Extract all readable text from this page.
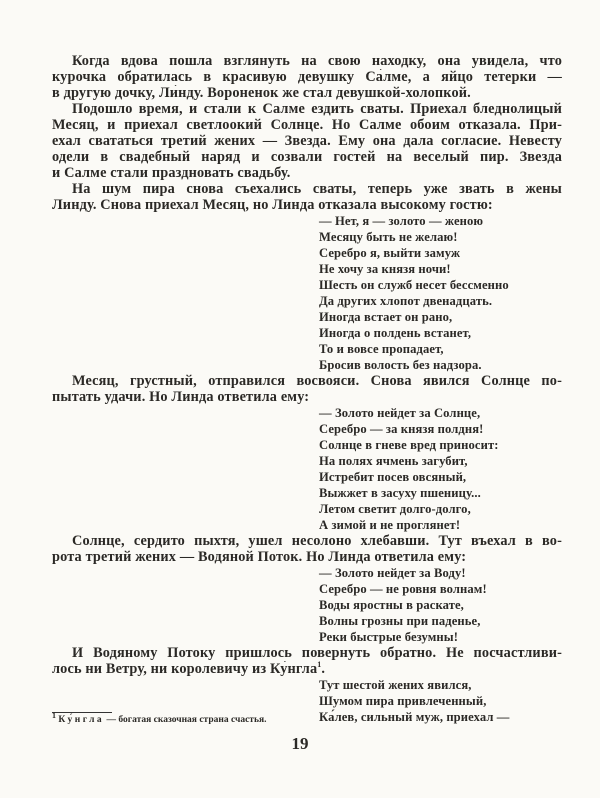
Когда вдова пошла взглянуть на свою находку, она увидела, что
курочка обратилась в красивую девушку Са́лме, а яйцо тетерки —
в другую дочку, Ли́нду. Вороненок же стал девушкой-холопкой.
Подошло время, и стали к Салме ездить сваты. Приехал бледнолицый
Месяц, и приехал светлоокий Солнце. Но Салме обоим отказала. При-
ехал свататься третий жених — Звезда. Ему она дала согласие. Невесту
одели в свадебный наряд и созвали гостей на веселый пир. Звезда
и Салме стали праздновать свадьбу.
На шум пира снова съехались сваты, теперь уже звать в жены
Линду. Снова приехал Месяц, но Линда отказала высокому гостю:
— Нет, я — золото — женою
Месяцу быть не желаю!
Серебро я, выйти замуж
Не хочу за князя ночи!
Шесть он служб несет бессменно
Да других хлопот двенадцать.
Иногда встает он рано,
Иногда о полдень встанет,
То и вовсе пропадает,
Бросив волость без надзора.
Месяц, грустный, отправился восвояси. Снова явился Солнце по-
пытать удачи. Но Линда ответила ему:
— Золото нейдет за Солнце,
Серебро — за князя полдня!
Солнце в гневе вред приносит:
На полях ячмень загубит,
Истребит посев овсяный,
Выжжет в засуху пшеницу...
Летом светит долго-долго,
А зимой и не проглянет!
Солнце, сердито пыхтя, ушел несолоно хлебавши. Тут въехал в во-
рота третий жених — Водяной Поток. Но Линда ответила ему:
— Золото нейдет за Воду!
Серебро — не ровня волнам!
Воды яростны в раскате,
Волны грозны при паденье,
Реки быстрые безумны!
И Водяному Потоку пришлось повернуть обратно. Не посчастливи-
лось ни Ветру, ни королевичу из Ку́нгла$^1$.
Тут шестой жених явился,
Шумом пира привлеченный,
Ка́лев, сильный муж, приехал —
$^1$ Ку́нгла — богатая сказочная страна счастья.
19
